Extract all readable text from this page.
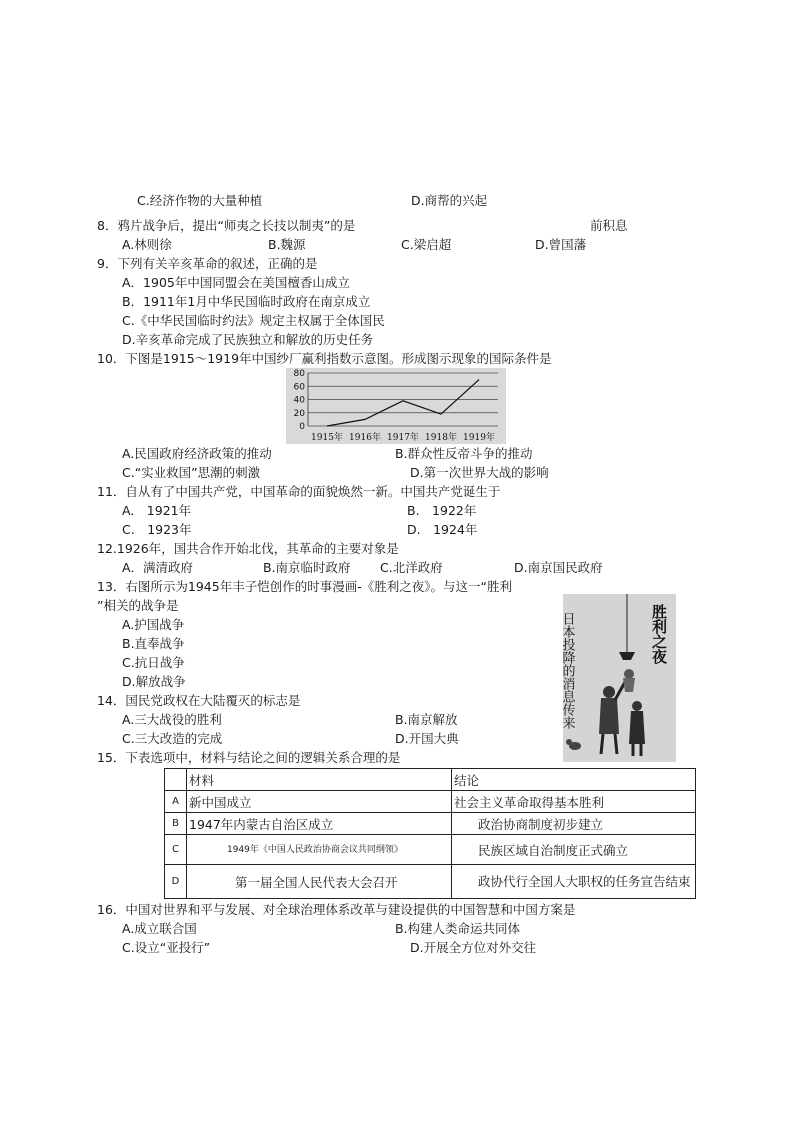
C.经济作物的大量种植	D.商帮的兴起
8．鸦片战争后，提出“师夷之长技以制夷”的是	前积息
A.林则徐	B.魏源	C.梁启超	D.曾国藩
9．下列有关辛亥革命的叙述，正确的是
A．1905年中国同盟会在美国檀香山成立
B．1911年1月中华民国临时政府在南京成立
C.《中华民国临时约法》规定主权属于全体国民
D.辛亥革命完成了民族独立和解放的历史任务
10．下图是1915～1919年中国纱厂赢利指数示意图。形成图示现象的国际条件是
0
20
40
60
80
1915年 1916年 1917年 1918年 1919年
A.民国政府经济政策的推动	B.群众性反帝斗争的推动
C.“实业救国”思潮的刺激	D.第一次世界大战的影响
11．自从有了中国共产党，中国革命的面貌焕然一新。中国共产党诞生于
A.　1921年	B.　1922年
C.　1923年	D.　1924年
12.1926年，国共合作开始北伐，其革命的主要对象是
A．满清政府	B.南京临时政府 C.北洋政府	D.南京国民政府
13．右图所示为1945年丰子恺创作的时事漫画-《胜利之夜》。与这一“胜利
”相关的战争是
A.护国战争
B.直奉战争
C.抗日战争
D.解放战争	日本投降的消息传来	胜利之夜
14．国民党政权在大陆覆灭的标志是
A.三大战役的胜利	B.南京解放
C.三大改造的完成	D.开国大典
15．下表选项中，材料与结论之间的逻辑关系合理的是
	材料	结论
A	新中国成立	社会主义革命取得基本胜利
B	1947年内蒙古自治区成立	政治协商制度初步建立
C	1949年《中国人民政治协商会议共同纲领》	民族区域自治制度正式确立
D	第一届全国人民代表大会召开	政协代行全国人大职权的任务宣告结束
16．中国对世界和平与发展、对全球治理体系改革与建设提供的中国智慧和中国方案是
A.成立联合国	B.构建人类命运共同体
C.设立“亚投行”	D.开展全方位对外交往
